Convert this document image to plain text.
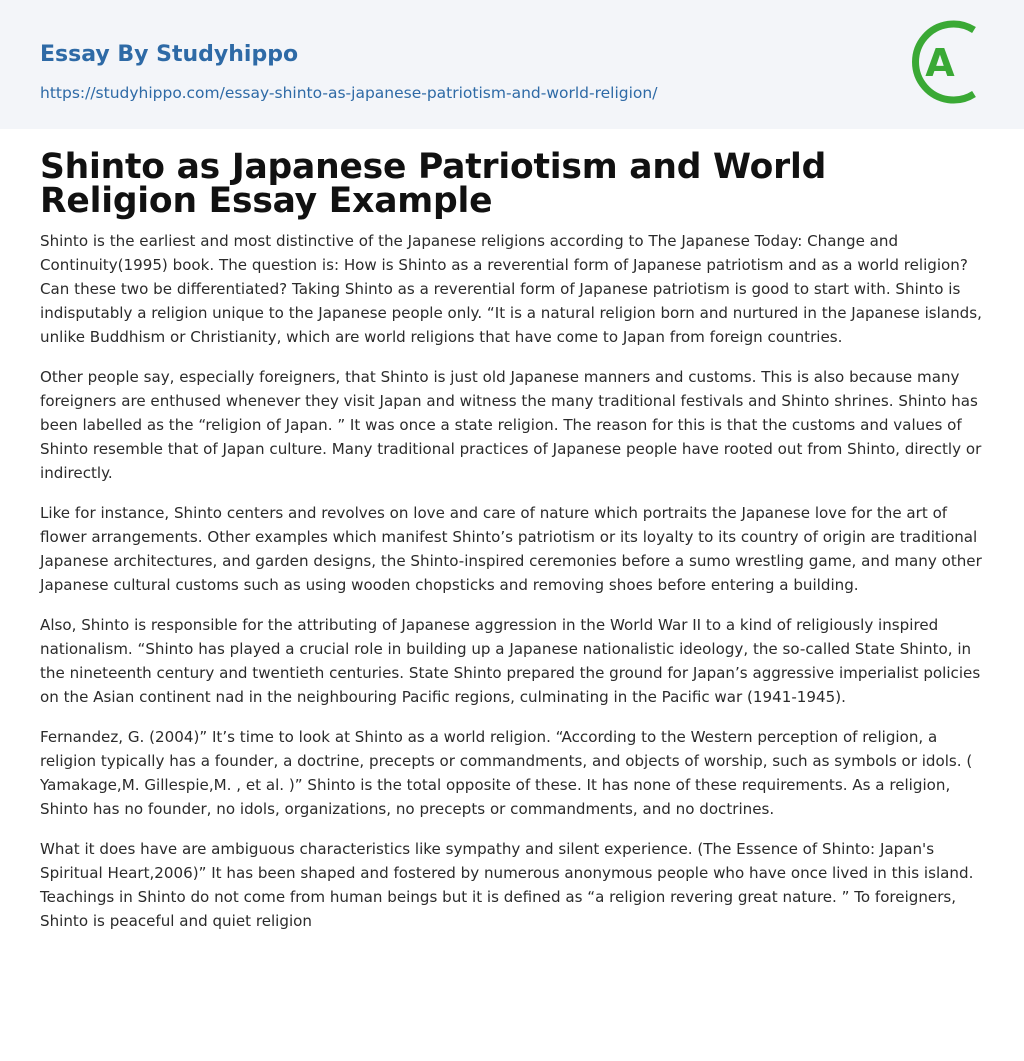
Essay By Studyhippo
https://studyhippo.com/essay-shinto-as-japanese-patriotism-and-world-religion/
A
Shinto as Japanese Patriotism and World Religion Essay Example

Shinto is the earliest and most distinctive of the Japanese religions according to The Japanese Today: Change and Continuity(1995) book. The question is: How is Shinto as a reverential form of Japanese patriotism and as a world religion? Can these two be differentiated? Taking Shinto as a reverential form of Japanese patriotism is good to start with. Shinto is indisputably a religion unique to the Japanese people only. “It is a natural religion born and nurtured in the Japanese islands, unlike Buddhism or Christianity, which are world religions that have come to Japan from foreign countries.

Other people say, especially foreigners, that Shinto is just old Japanese manners and customs. This is also because many foreigners are enthused whenever they visit Japan and witness the many traditional festivals and Shinto shrines. Shinto has been labelled as the “religion of Japan. ” It was once a state religion. The reason for this is that the customs and values of Shinto resemble that of Japan culture. Many traditional practices of Japanese people have rooted out from Shinto, directly or indirectly.

Like for instance, Shinto centers and revolves on love and care of nature which portraits the Japanese love for the art of flower arrangements. Other examples which manifest Shinto’s patriotism or its loyalty to its country of origin are traditional Japanese architectures, and garden designs, the Shinto-inspired ceremonies before a sumo wrestling game, and many other Japanese cultural customs such as using wooden chopsticks and removing shoes before entering a building.

Also, Shinto is responsible for the attributing of Japanese aggression in the World War II to a kind of religiously inspired nationalism. “Shinto has played a crucial role in building up a Japanese nationalistic ideology, the so-called State Shinto, in the nineteenth century and twentieth centuries. State Shinto prepared the ground for Japan’s aggressive imperialist policies on the Asian continent nad in the neighbouring Pacific regions, culminating in the Pacific war (1941-1945).

Fernandez, G. (2004)” It’s time to look at Shinto as a world religion. “According to the Western perception of religion, a religion typically has a founder, a doctrine, precepts or commandments, and objects of worship, such as symbols or idols. ( Yamakage,M. Gillespie,M. , et al. )” Shinto is the total opposite of these. It has none of these requirements. As a religion, Shinto has no founder, no idols, organizations, no precepts or commandments, and no doctrines.

What it does have are ambiguous characteristics like sympathy and silent experience. (The Essence of Shinto: Japan's Spiritual Heart,2006)” It has been shaped and fostered by numerous anonymous people who have once lived in this island. Teachings in Shinto do not come from human beings but it is defined as “a religion revering great nature. ” To foreigners, Shinto is peaceful and quiet religion
